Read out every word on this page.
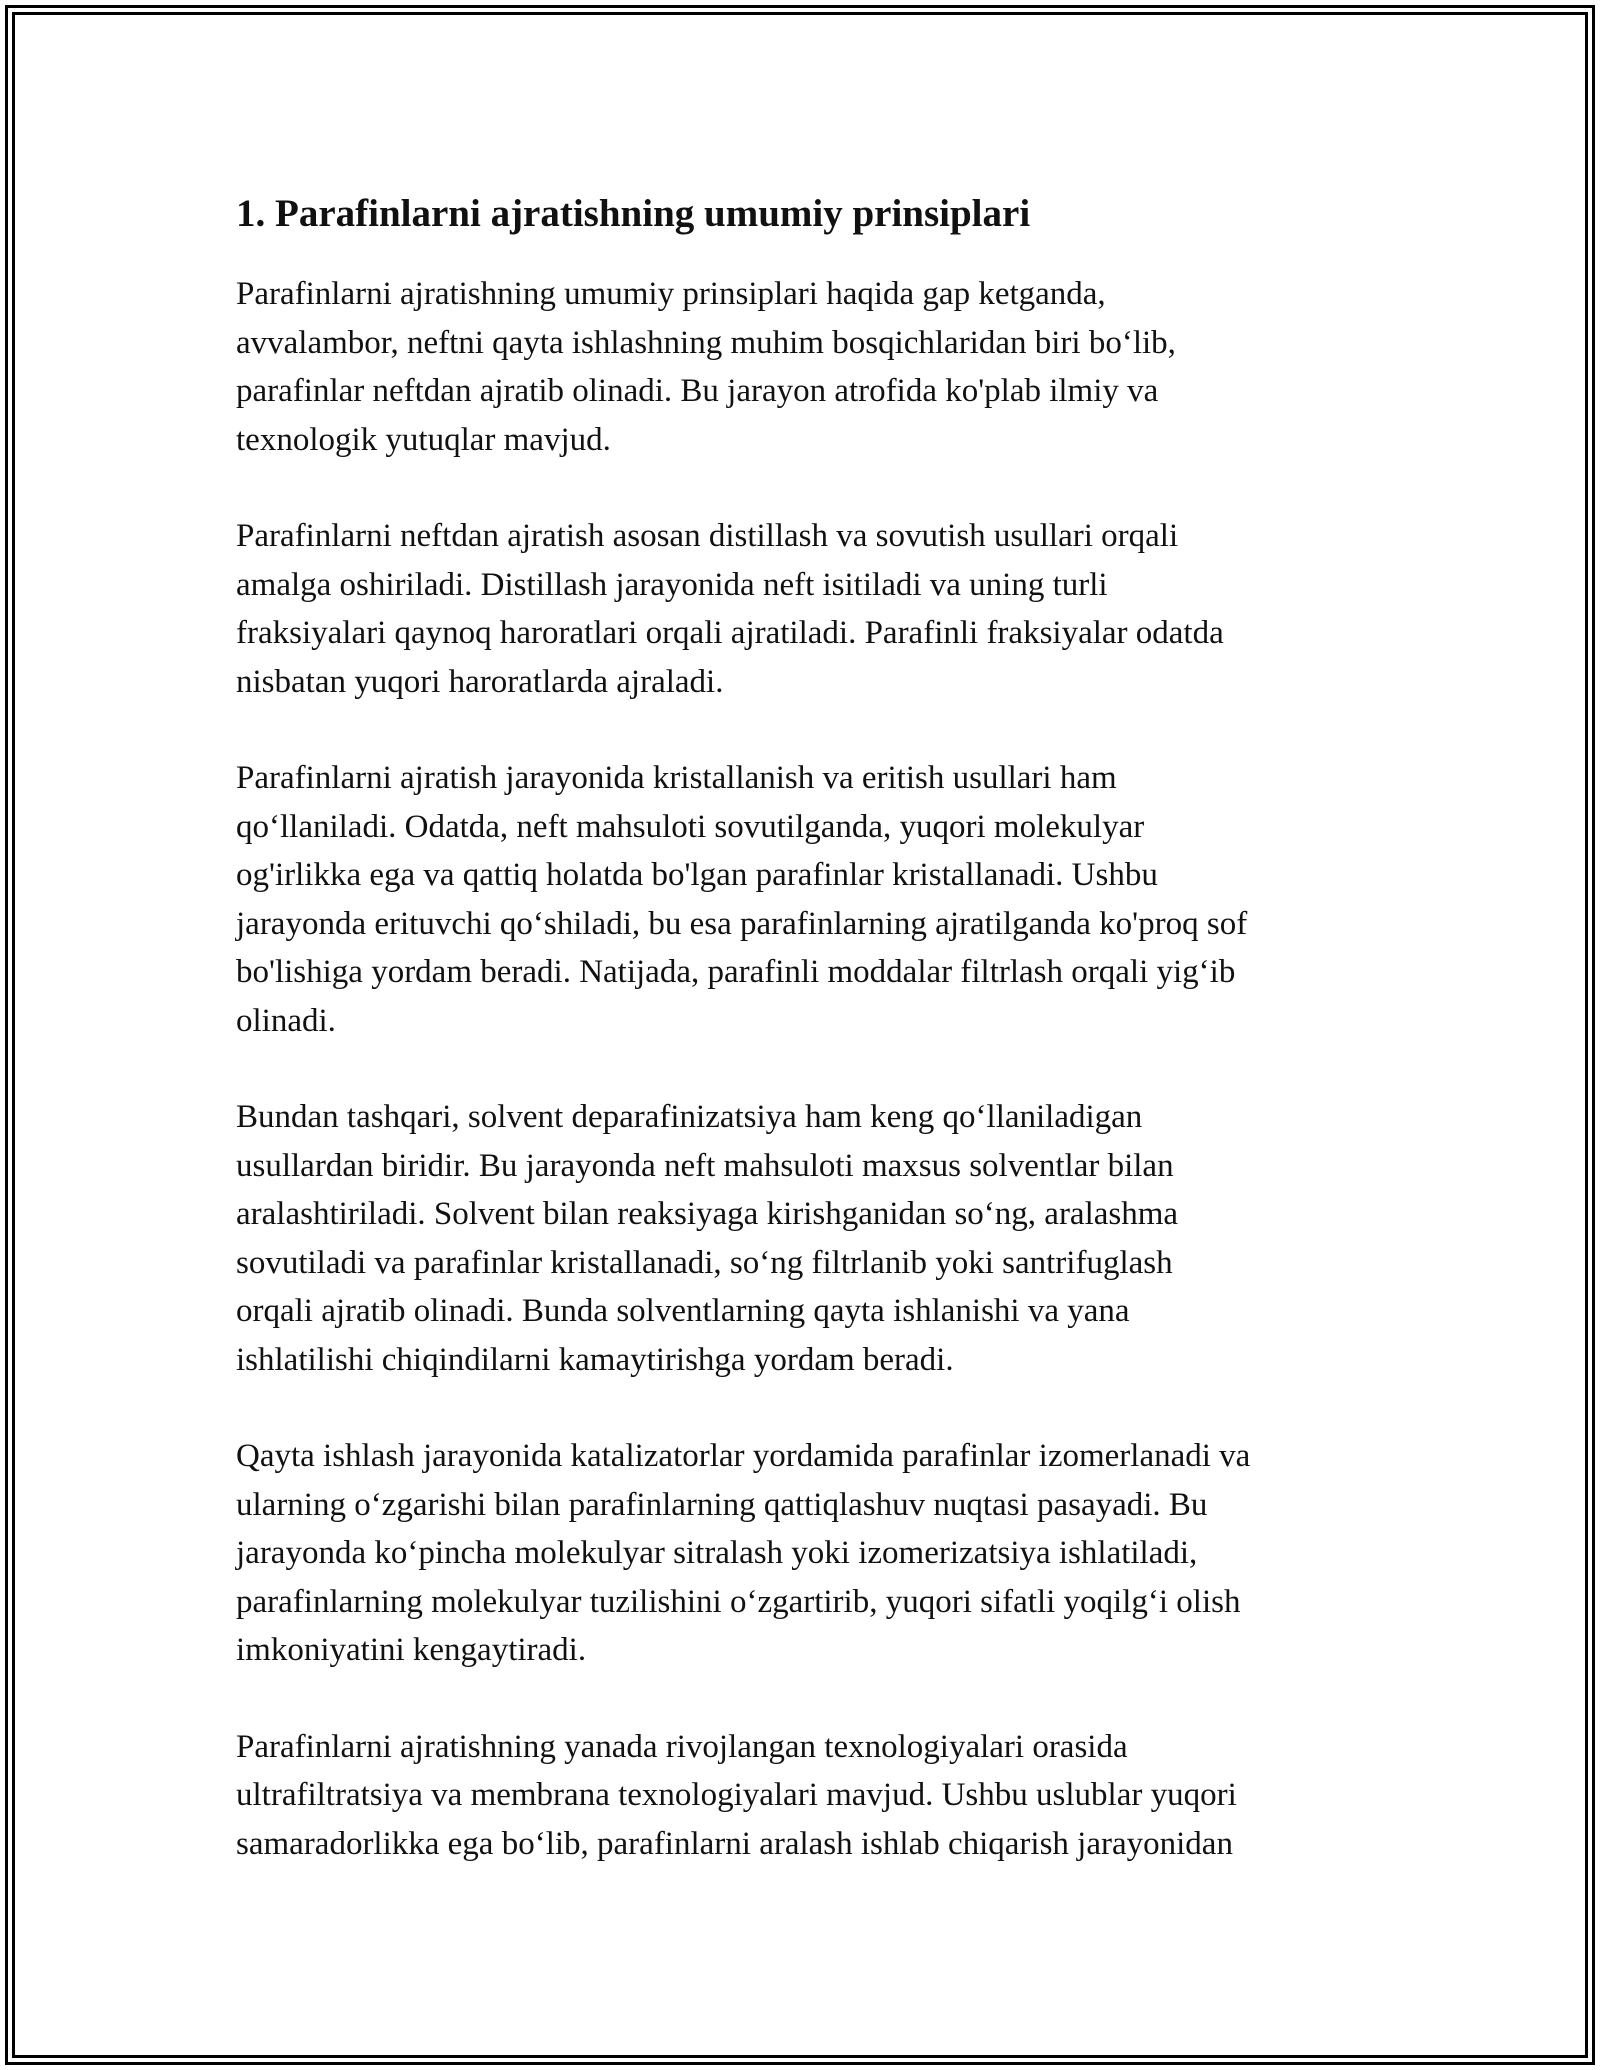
1. Parafinlarni ajratishning umumiy prinsiplari

Parafinlarni ajratishning umumiy prinsiplari haqida gap ketganda,
avvalambor, neftni qayta ishlashning muhim bosqichlaridan biri bo‘lib,
parafinlar neftdan ajratib olinadi. Bu jarayon atrofida ko'plab ilmiy va
texnologik yutuqlar mavjud.

Parafinlarni neftdan ajratish asosan distillash va sovutish usullari orqali
amalga oshiriladi. Distillash jarayonida neft isitiladi va uning turli
fraksiyalari qaynoq haroratlari orqali ajratiladi. Parafinli fraksiyalar odatda
nisbatan yuqori haroratlarda ajraladi.

Parafinlarni ajratish jarayonida kristallanish va eritish usullari ham
qo‘llaniladi. Odatda, neft mahsuloti sovutilganda, yuqori molekulyar
og'irlikka ega va qattiq holatda bo'lgan parafinlar kristallanadi. Ushbu
jarayonda erituvchi qo‘shiladi, bu esa parafinlarning ajratilganda ko'proq sof
bo'lishiga yordam beradi. Natijada, parafinli moddalar filtrlash orqali yig‘ib
olinadi.

Bundan tashqari, solvent deparafinizatsiya ham keng qo‘llaniladigan
usullardan biridir. Bu jarayonda neft mahsuloti maxsus solventlar bilan
aralashtiriladi. Solvent bilan reaksiyaga kirishganidan so‘ng, aralashma
sovutiladi va parafinlar kristallanadi, so‘ng filtrlanib yoki santrifuglash
orqali ajratib olinadi. Bunda solventlarning qayta ishlanishi va yana
ishlatilishi chiqindilarni kamaytirishga yordam beradi.

Qayta ishlash jarayonida katalizatorlar yordamida parafinlar izomerlanadi va
ularning o‘zgarishi bilan parafinlarning qattiqlashuv nuqtasi pasayadi. Bu
jarayonda ko‘pincha molekulyar sitralash yoki izomerizatsiya ishlatiladi,
parafinlarning molekulyar tuzilishini o‘zgartirib, yuqori sifatli yoqilg‘i olish
imkoniyatini kengaytiradi.

Parafinlarni ajratishning yanada rivojlangan texnologiyalari orasida
ultrafiltratsiya va membrana texnologiyalari mavjud. Ushbu uslublar yuqori
samaradorlikka ega bo‘lib, parafinlarni aralash ishlab chiqarish jarayonidan
